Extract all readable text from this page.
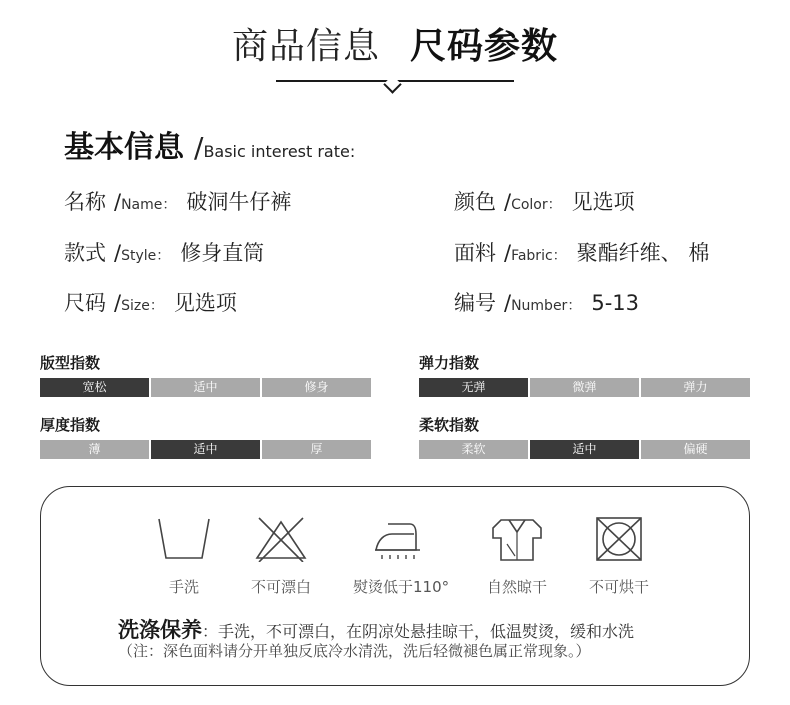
商品信息 尺码参数
基本信息 /Basic interest rate:
名称 /Name： 破洞牛仔裤
款式 /Style： 修身直筒
尺码 /Size： 见选项
颜色 /Color： 见选项
面料 /Fabric： 聚酯纤维、 棉
编号 /Number： 5-13
版型指数
宽松	适中	修身
弹力指数
无弹	微弹	弹力
厚度指数
薄	适中	厚
柔软指数
柔软	适中	偏硬
手洗	不可漂白	熨烫低于110°	自然晾干	不可烘干
洗涤保养：手洗，不可漂白，在阴凉处悬挂晾干，低温熨烫，缓和水洗
（注：深色面料请分开单独反底冷水清洗，洗后轻微褪色属正常现象。）
